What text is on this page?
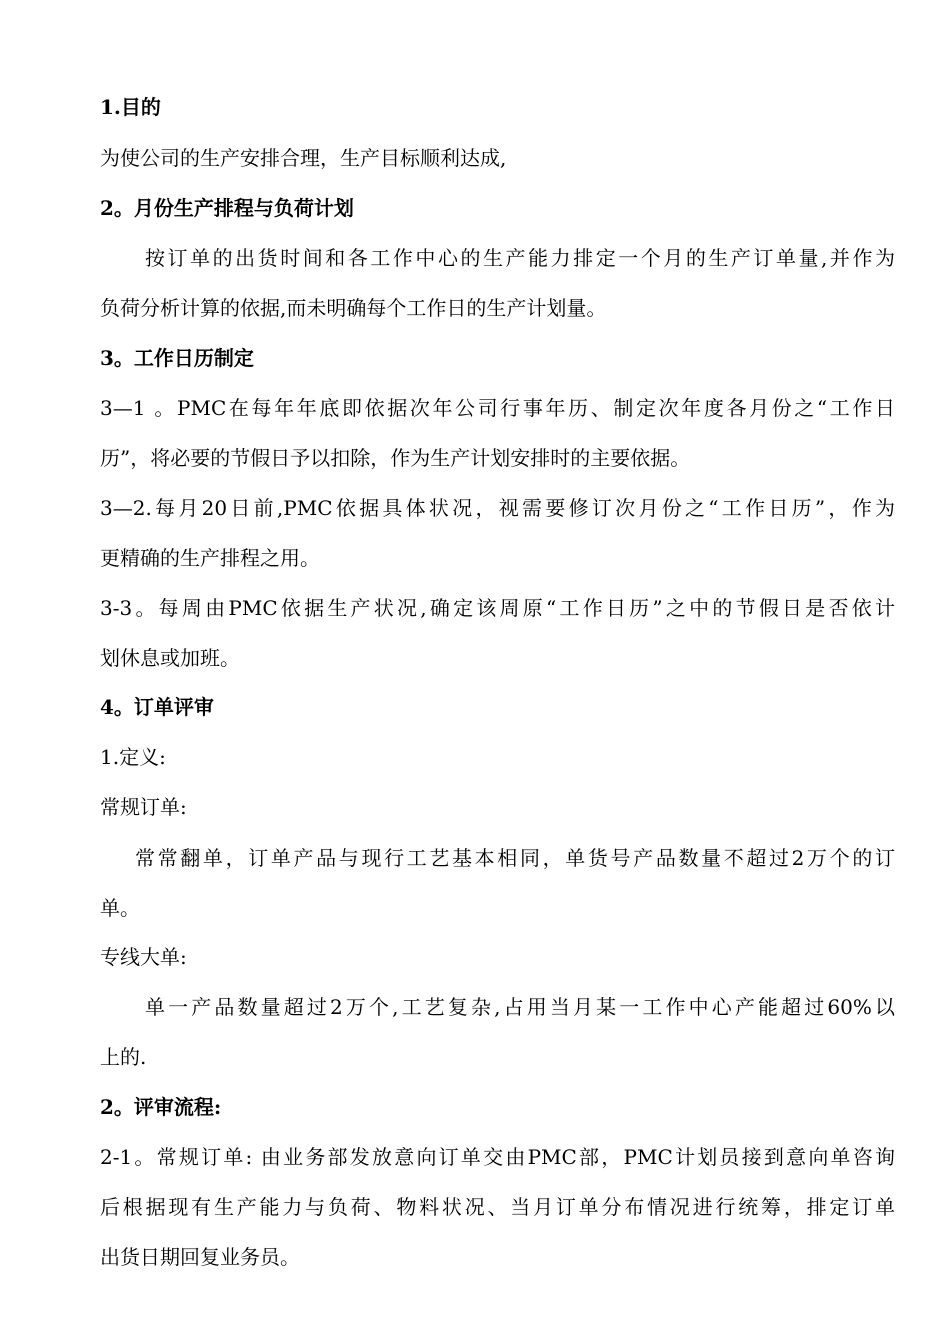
1.目的
为使公司的生产安排合理，生产目标顺利达成,
2。月份生产排程与负荷计划
按订单的出货时间和各工作中心的生产能力排定一个月的生产订单量,并作为
负荷分析计算的依据,而未明确每个工作日的生产计划量。
3。工作日历制定
3—1 。PMC在每年年底即依据次年公司行事年历、制定次年度各月份之“工作日
历”，将必要的节假日予以扣除，作为生产计划安排时的主要依据。
3—2.每月20日前,PMC依据具体状况，视需要修订次月份之“工作日历”，作为
更精确的生产排程之用。
3-3。每周由PMC依据生产状况,确定该周原“工作日历”之中的节假日是否依计
划休息或加班。
4。订单评审
1.定义:
常规订单:
常常翻单，订单产品与现行工艺基本相同，单货号产品数量不超过2万个的订
单。
专线大单:
单一产品数量超过2万个,工艺复杂,占用当月某一工作中心产能超过60%以
上的.
2。评审流程:
2-1。常规订单: 由业务部发放意向订单交由PMC部，PMC计划员接到意向单咨询
后根据现有生产能力与负荷、物料状况、当月订单分布情况进行统筹，排定订单
出货日期回复业务员。
